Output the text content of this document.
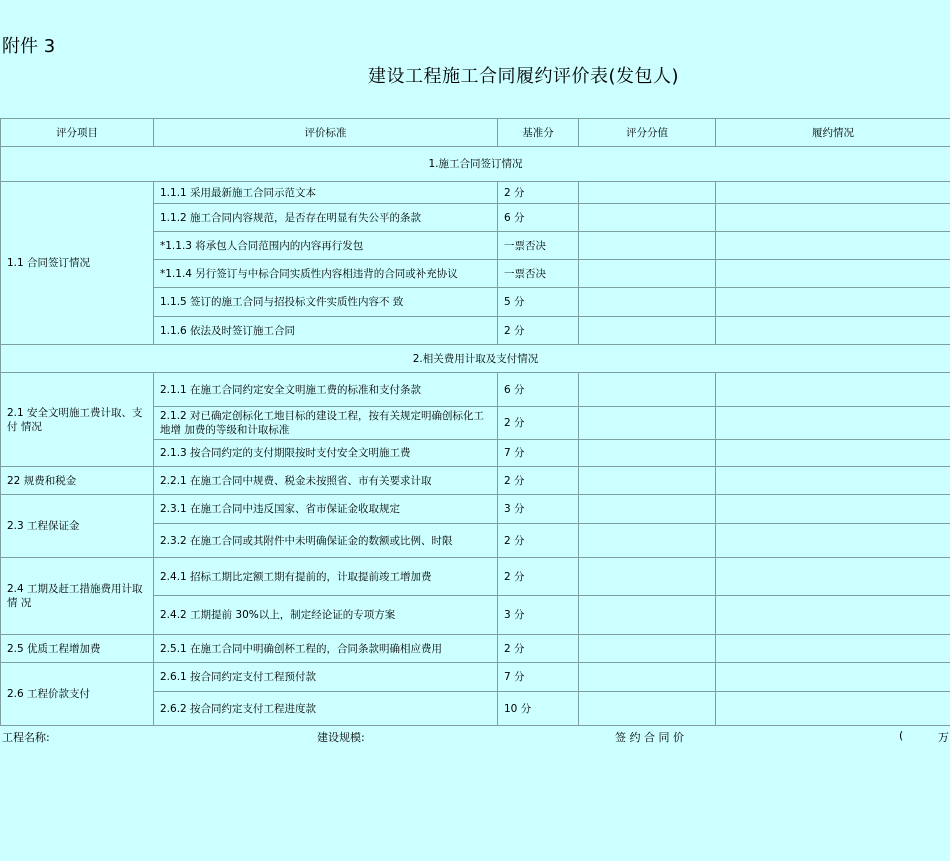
附件 3
建设工程施工合同履约评价表(发包人)
评分项目	评价标准	基准分	评分分值	履约情况
1.施工合同签订情况				
1.1 合同签订情况	1.1.1 采用最新施工合同示范文本	2 分		
	1.1.2 施工合同内容规范，是否存在明显有失公平的条款	6 分		
	*1.1.3 将承包人合同范围内的内容再行发包	一票否决		
	*1.1.4 另行签订与中标合同实质性内容相违背的合同或补充协议	一票否决		
	1.1.5 签订的施工合同与招投标文件实质性内容不 致	5 分		
	1.1.6 依法及时签订施工合同	2 分		
2.相关费用计取及支付情况				
2.1 安全文明施工费计取、支付 情况	2.1.1 在施工合同约定安全文明施工费的标准和支付条款	6 分		
	2.1.2 对已确定创标化工地目标的建设工程，按有关规定明确创标化工地增 加费的等级和计取标准	2 分		
	2.1.3 按合同约定的支付期限按时支付安全文明施工费	7 分		
22 规费和税金	2.2.1 在施工合同中规费、税金未按照省、市有关要求计取	2 分		
2.3 工程保证金	2.3.1 在施工合同中违反国家、省市保证金收取规定	3 分		
	2.3.2 在施工合同或其附件中未明确保证金的数额或比例、时限	2 分		
2.4 工期及赶工措施费用计取情 况	2.4.1 招标工期比定额工期有提前的，计取提前竣工增加费	2 分		
	2.4.2 工期提前 30%以上，制定经论证的专项方案	3 分		
2.5 优质工程增加费	2.5.1 在施工合同中明确创杯工程的，合同条款明确相应费用	2 分		
2.6 工程价款支付	2.6.1 按合同约定支付工程预付款	7 分		
	2.6.2 按合同约定支付工程进度款	10 分		
工程名称:	建设规模:	签 约 合 同 价	(	万
